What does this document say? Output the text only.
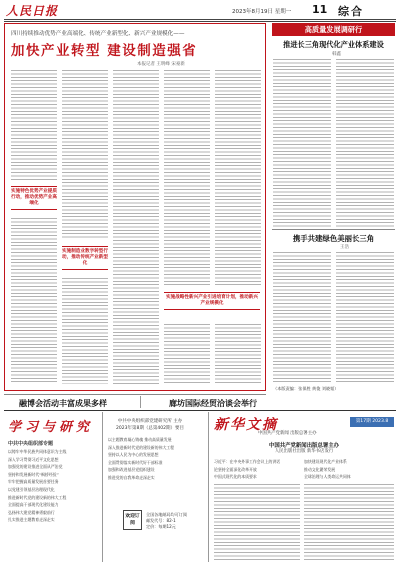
人民日报	2023年8月19日 星期一 11 综合
四川持续推动优势产业高端化、传统产业新型化、新兴产业规模化——
加快产业转型 建设制造强省
本报记者 王明峰 宋豪新
实施特色优势产业提质行动，推动优势产业高端化
实施制造业数字转型行动，推动传统产业新型化
实施战略性新兴产业引进培育计划，推动新兴产业规模化
高质量发展调研行
推进长三角现代化产业体系建设
韩鑫
携手共建绿色美丽长三角
王浩
（本版责编：张保胜 黄俊 刘晓韬）
融博会活动丰富成果多样	廊坊国际经贸洽谈会举行
学习与研究
中共中央组织部专题
以铸牢中华民族共同体意识为主线
深入学习贯彻习近平文化思想
加强党的建设推进全面从严治党
坚持和发展新时代“枫桥经验”
牢牢把握高质量发展首要任务
以党建引领基层治理现代化
推进新时代党的建设新的伟大工程
全面提高干部现代化建设能力
弘扬伟大建党精神勇毅前行
扎实推进主题教育走深走实
中共中央组织部党建研究所 主办
2023年第8期（总第402期）要目
以主题教育凝心铸魂 推动高质量发展
深入推进新时代党的建设新的伟大工程
坚持以人民为中心的发展思想
全面贯彻落实新时代好干部标准
加强和改进基层党组织建设
推进党的自我革命走深走实
欢迎订阅
全国各地邮局均可订阅
邮发代号：82-1
定价：每期12元
新华文摘
中国共产党新闻 出版总署主办
第17期 2023.8
中国共产党新闻出版总署主办
人民出版社出版 新华书店发行
习近平：在中央外事工作会议上的讲话
论坚持全面深化改革开放
中国式现代化的本质要求
加快建设现代化产业体系
推动文化繁荣发展
全球治理与人类命运共同体
